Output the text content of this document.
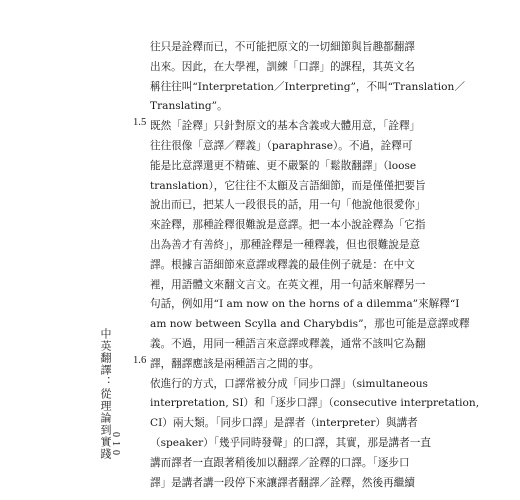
往只是詮釋而已，不可能把原文的一切細節與旨趣都翻譯
出來。因此，在大學裡，訓練「口譯」的課程，其英文名
稱往往叫“Interpretation／Interpreting”，不叫“Translation／
Translating”。
既然「詮釋」只針對原文的基本含義或大體用意，「詮釋」
往往很像「意譯／釋義」（paraphrase）。不過，詮釋可
能是比意譯還更不精確、更不嚴緊的「鬆散翻譯」（loose
translation），它往往不太顧及言語細節，而是僅僅把要旨
說出而已，把某人一段很長的話，用一句「他說他很愛你」
來詮釋，那種詮釋很難說是意譯。把一本小說詮釋為「它指
出為善才有善終」，那種詮釋是一種釋義，但也很難說是意
譯。根據言語細節來意譯或釋義的最佳例子就是：在中文
裡，用語體文來翻文言文。在英文裡，用一句話來解釋另一
句話，例如用“I am now on the horns of a dilemma”來解釋“I
am now between Scylla and Charybdis”，那也可能是意譯或釋
義。不過，用同一種語言來意譯或釋義，通常不該叫它為翻
譯，翻譯應該是兩種語言之間的事。
依進行的方式，口譯常被分成「同步口譯」（simultaneous
interpretation, SI）和「逐步口譯」（consecutive interpretation,
CI）兩大類。「同步口譯」是譯者（interpreter）與講者
（speaker）「幾乎同時發聲」的口譯，其實，那是講者一直
講而譯者一直跟著稍後加以翻譯／詮釋的口譯。「逐步口
譯」是講者講一段停下來讓譯者翻譯／詮釋，然後再繼續
1.5
1.6
中英翻譯：從理論到實踐
010
